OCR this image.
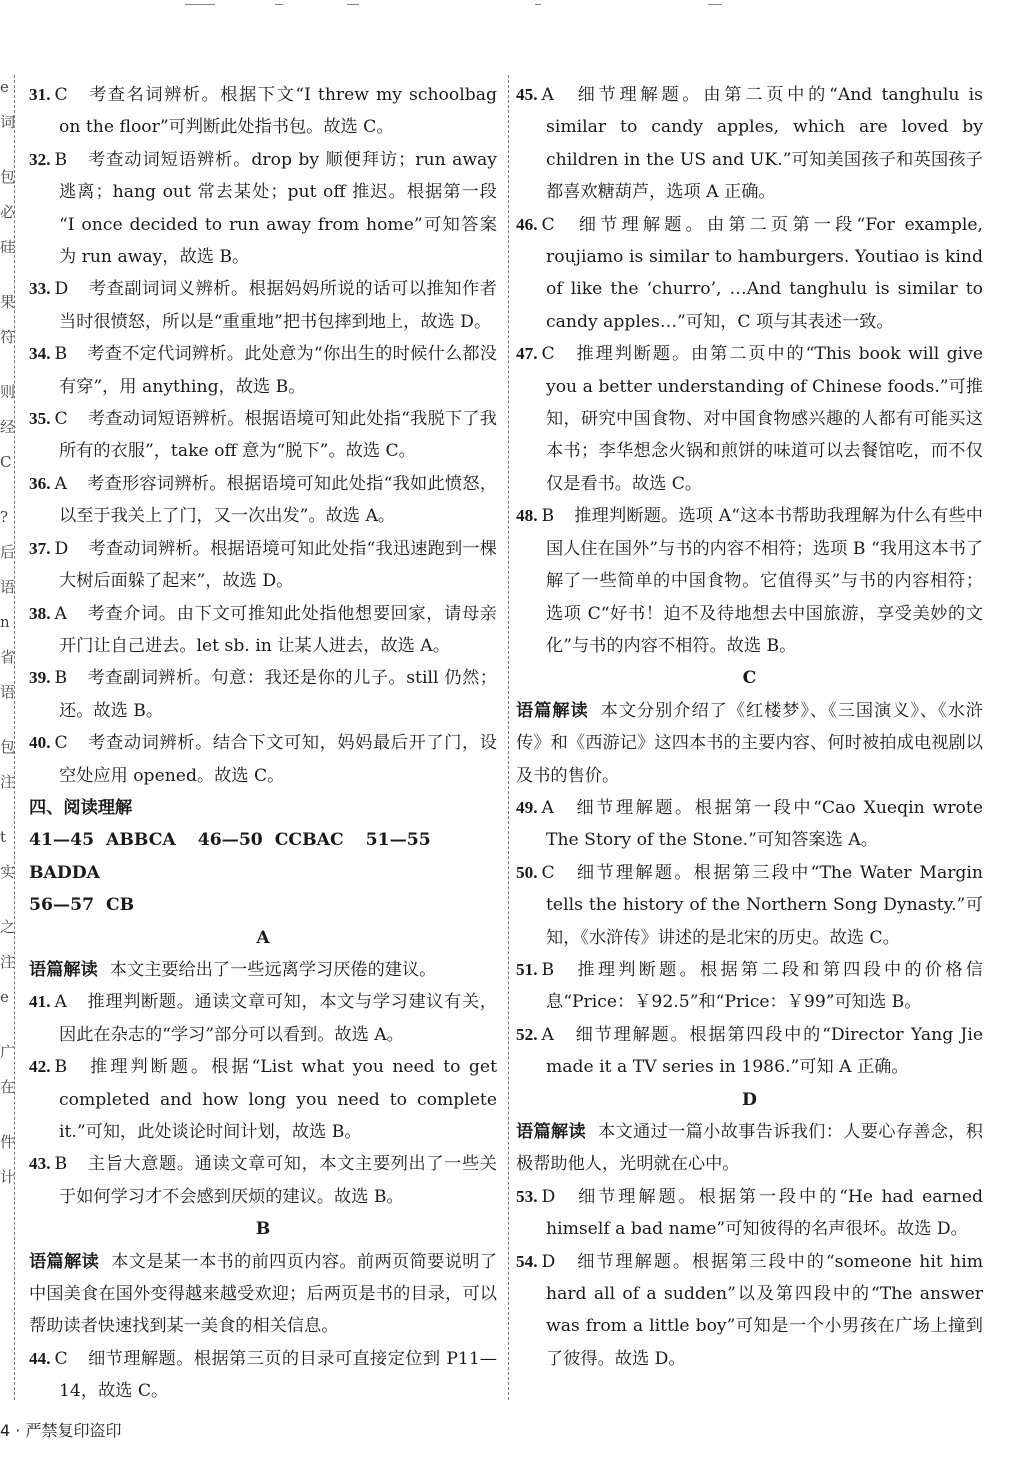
e
词
包
必
硅
果
符
则
经
C
?
后
语
n
省
语
包
注
t
实
之
注
e
广
在
件
计

31. C 考查名词辨析。根据下文“I threw my schoolbag on the floor”可判断此处指书包。故选 C。

32. B 考查动词短语辨析。drop by 顺便拜访；run away 逃离；hang out 常去某处；put off 推迟。根据第一段 “I once decided to run away from home”可知答案为 run away，故选 B。

33. D 考查副词词义辨析。根据妈妈所说的话可以推知作者当时很愤怒，所以是“重重地”把书包摔到地上，故选 D。

34. B 考查不定代词辨析。此处意为“你出生的时候什么都没有穿”，用 anything，故选 B。

35. C 考查动词短语辨析。根据语境可知此处指“我脱下了我所有的衣服”，take off 意为“脱下”。故选 C。

36. A 考查形容词辨析。根据语境可知此处指“我如此愤怒，以至于我关上了门，又一次出发”。故选 A。

37. D 考查动词辨析。根据语境可知此处指“我迅速跑到一棵大树后面躲了起来”，故选 D。

38. A 考查介词。由下文可推知此处指他想要回家，请母亲开门让自己进去。let sb. in 让某人进去，故选 A。

39. B 考查副词辨析。句意：我还是你的儿子。still 仍然；还。故选 B。

40. C 考查动词辨析。结合下文可知，妈妈最后开了门，设空处应用 opened。故选 C。

四、阅读理解

41—45 ABBCA 46—50 CCBAC 51—55 BADDA
56—57 CB

A

语篇解读 本文主要给出了一些远离学习厌倦的建议。

41. A 推理判断题。通读文章可知，本文与学习建议有关，因此在杂志的“学习”部分可以看到。故选 A。

42. B 推理判断题。根据“List what you need to get completed and how long you need to complete it.”可知，此处谈论时间计划，故选 B。

43. B 主旨大意题。通读文章可知，本文主要列出了一些关于如何学习才不会感到厌烦的建议。故选 B。

B

语篇解读 本文是某一本书的前四页内容。前两页简要说明了中国美食在国外变得越来越受欢迎；后两页是书的目录，可以帮助读者快速找到某一美食的相关信息。

44. C 细节理解题。根据第三页的目录可直接定位到 P11—14，故选 C。

45. A 细节理解题。由第二页中的“And tanghulu is similar to candy apples, which are loved by children in the US and UK.”可知美国孩子和英国孩子都喜欢糖葫芦，选项 A 正确。

46. C 细节理解题。由第二页第一段“For example, roujiamo is similar to hamburgers. Youtiao is kind of like the ‘churro’, …And tanghulu is similar to candy apples…”可知，C 项与其表述一致。

47. C 推理判断题。由第二页中的“This book will give you a better understanding of Chinese foods.”可推知，研究中国食物、对中国食物感兴趣的人都有可能买这本书；李华想念火锅和煎饼的味道可以去餐馆吃，而不仅仅是看书。故选 C。

48. B 推理判断题。选项 A“这本书帮助我理解为什么有些中国人住在国外”与书的内容不相符；选项 B “我用这本书了解了一些简单的中国食物。它值得买”与书的内容相符；选项 C“好书！迫不及待地想去中国旅游，享受美妙的文化”与书的内容不相符。故选 B。

C

语篇解读 本文分别介绍了《红楼梦》、《三国演义》、《水浒传》和《西游记》这四本书的主要内容、何时被拍成电视剧以及书的售价。

49. A 细节理解题。根据第一段中“Cao Xueqin wrote The Story of the Stone.”可知答案选 A。

50. C 细节理解题。根据第三段中“The Water Margin tells the history of the Northern Song Dynasty.”可知，《水浒传》讲述的是北宋的历史。故选 C。

51. B 推理判断题。根据第二段和第四段中的价格信息“Price：￥92.5”和“Price：￥99”可知选 B。

52. A 细节理解题。根据第四段中的“Director Yang Jie made it a TV series in 1986.”可知 A 正确。

D

语篇解读 本文通过一篇小故事告诉我们：人要心存善念，积极帮助他人，光明就在心中。

53. D 细节理解题。根据第一段中的“He had earned himself a bad name”可知彼得的名声很坏。故选 D。

54. D 细节理解题。根据第三段中的“someone hit him hard all of a sudden”以及第四段中的“The answer was from a little boy”可知是一个小男孩在广场上撞到了彼得。故选 D。

4 · 严禁复印盗印
